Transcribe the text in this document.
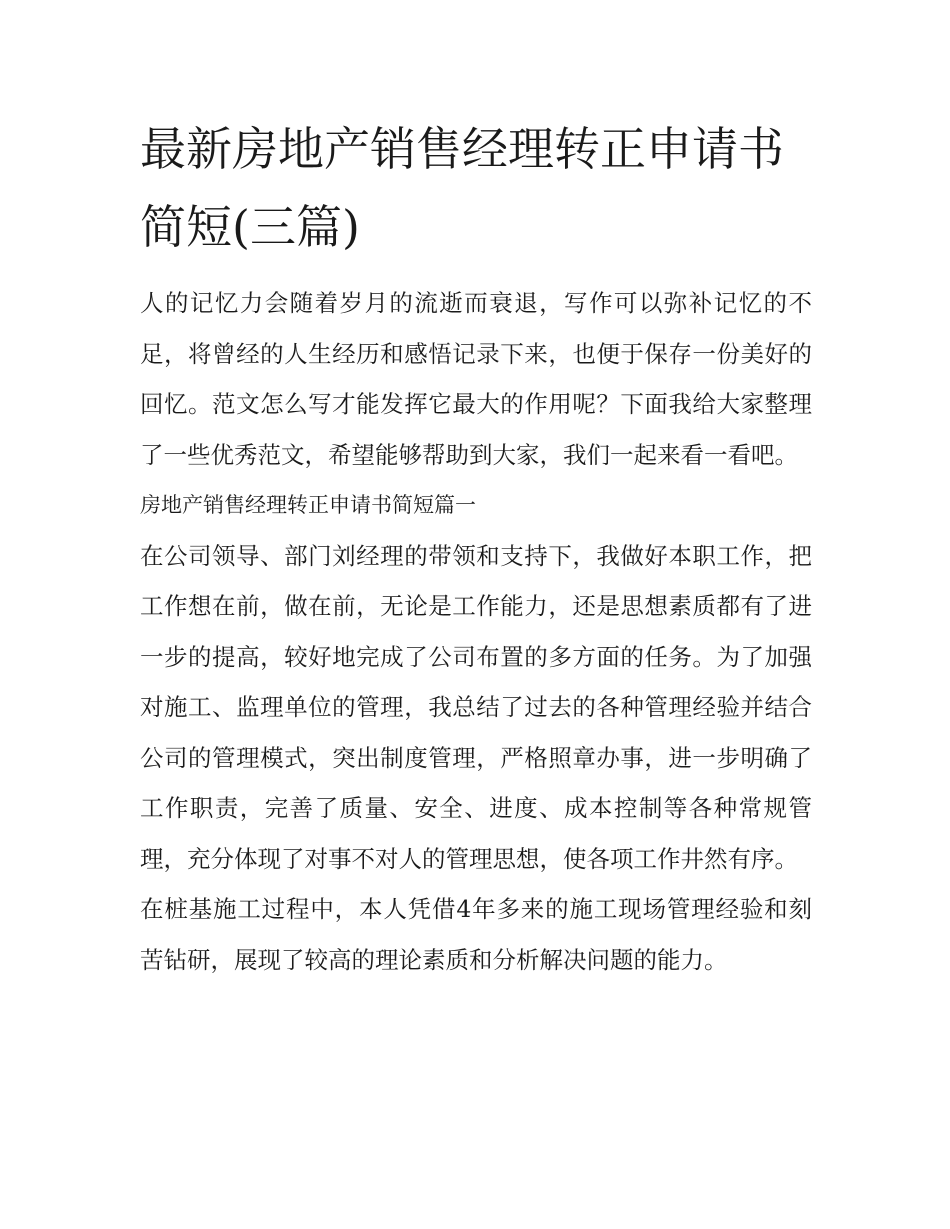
最新房地产销售经理转正申请书简短(三篇)

人的记忆力会随着岁月的流逝而衰退，写作可以弥补记忆的不足，将曾经的人生经历和感悟记录下来，也便于保存一份美好的回忆。范文怎么写才能发挥它最大的作用呢？下面我给大家整理了一些优秀范文，希望能够帮助到大家，我们一起来看一看吧。

房地产销售经理转正申请书简短篇一

在公司领导、部门刘经理的带领和支持下，我做好本职工作，把工作想在前，做在前，无论是工作能力，还是思想素质都有了进一步的提高，较好地完成了公司布置的多方面的任务。为了加强对施工、监理单位的管理，我总结了过去的各种管理经验并结合公司的管理模式，突出制度管理，严格照章办事，进一步明确了工作职责，完善了质量、安全、进度、成本控制等各种常规管理，充分体现了对事不对人的管理思想，使各项工作井然有序。

在桩基施工过程中，本人凭借4年多来的施工现场管理经验和刻苦钻研，展现了较高的理论素质和分析解决问题的能力。
